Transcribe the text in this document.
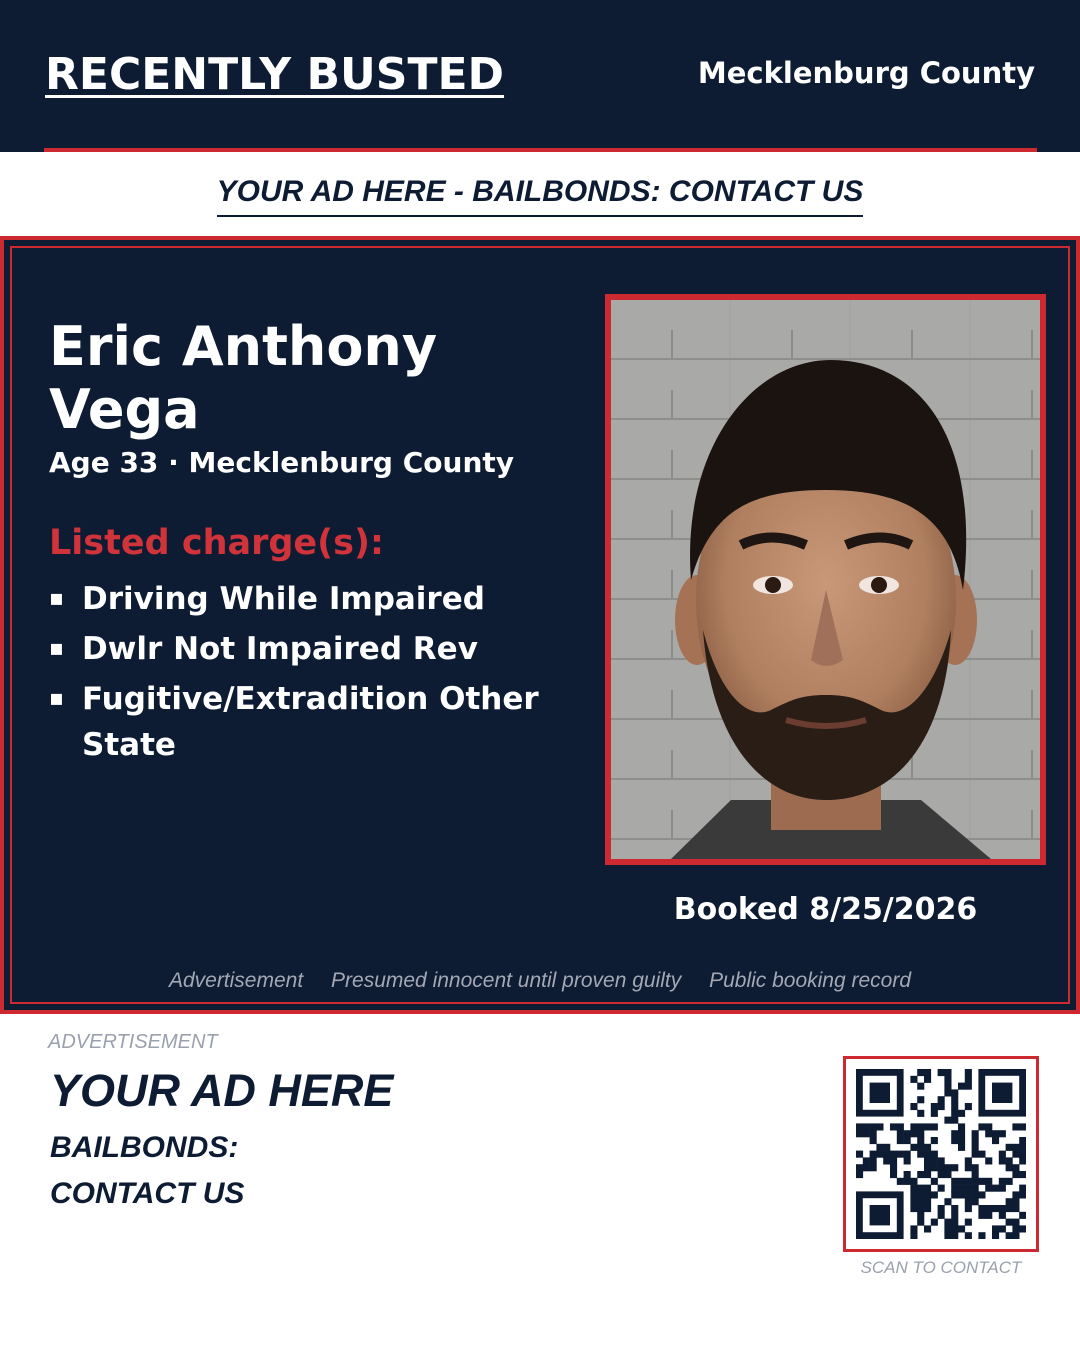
RECENTLY BUSTED	Mecklenburg County
YOUR AD HERE - BAILBONDS: CONTACT US
Eric Anthony Vega
Age 33 · Mecklenburg County
Listed charge(s):
▪ Driving While Impaired
▪ Dwlr Not Impaired Rev
▪ Fugitive/Extradition Other State
Booked 8/25/2026
Advertisement Presumed innocent until proven guilty Public booking record
ADVERTISEMENT
YOUR AD HERE
BAILBONDS:
CONTACT US
SCAN TO CONTACT
